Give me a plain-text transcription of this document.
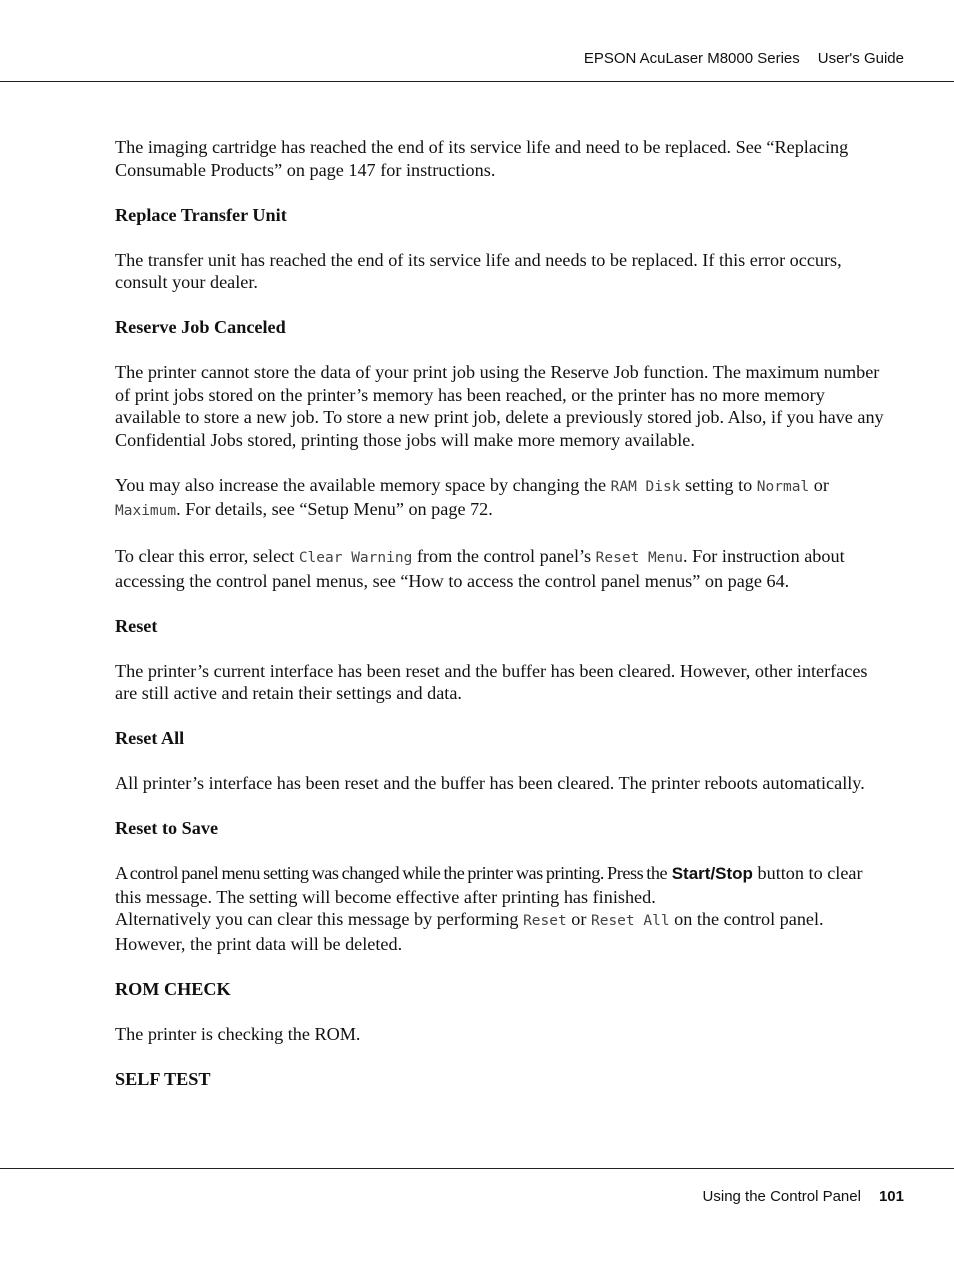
EPSON AcuLaser M8000 Series User's Guide

The imaging cartridge has reached the end of its service life and need to be replaced. See “Replacing Consumable Products” on page 147 for instructions.

Replace Transfer Unit

The transfer unit has reached the end of its service life and needs to be replaced. If this error occurs, consult your dealer.

Reserve Job Canceled

The printer cannot store the data of your print job using the Reserve Job function. The maximum number of print jobs stored on the printer’s memory has been reached, or the printer has no more memory available to store a new job. To store a new print job, delete a previously stored job. Also, if you have any Confidential Jobs stored, printing those jobs will make more memory available.

You may also increase the available memory space by changing the RAM Disk setting to Normal or Maximum. For details, see “Setup Menu” on page 72.

To clear this error, select Clear Warning from the control panel’s Reset Menu. For instruction about accessing the control panel menus, see “How to access the control panel menus” on page 64.

Reset

The printer’s current interface has been reset and the buffer has been cleared. However, other interfaces are still active and retain their settings and data.

Reset All

All printer’s interface has been reset and the buffer has been cleared. The printer reboots automatically.

Reset to Save

A control panel menu setting was changed while the printer was printing. Press the Start/Stop button to clear this message. The setting will become effective after printing has finished.
Alternatively you can clear this message by performing Reset or Reset All on the control panel. However, the print data will be deleted.

ROM CHECK

The printer is checking the ROM.

SELF TEST
Using the Control Panel 101
